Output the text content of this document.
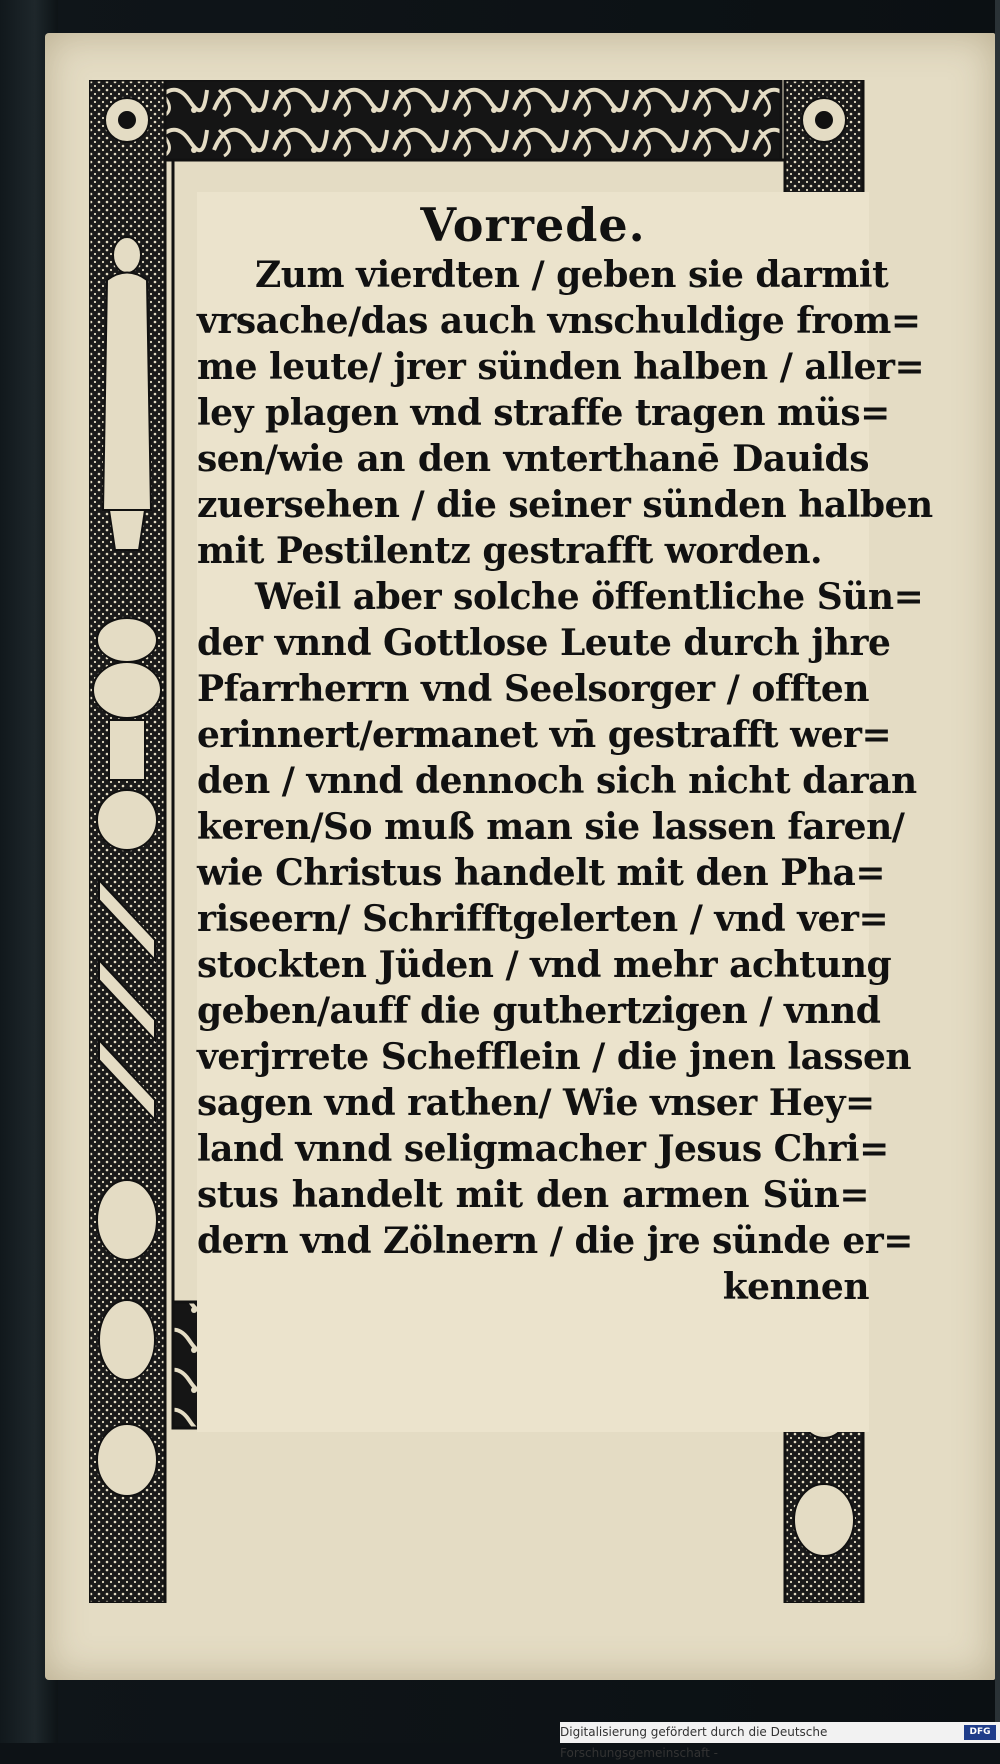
Vorrede.
Zum vierdten / geben sie darmit
vrsache/das auch vnschuldige from=
me leute/ jrer sünden halben / aller=
ley plagen vnd straffe tragen müs=
sen/wie an den vnterthanē Dauids
zuersehen / die seiner sünden halben
mit Pestilentz gestrafft worden.
Weil aber solche öffentliche Sün=
der vnnd Gottlose Leute durch jhre
Pfarrherrn vnd Seelsorger / offten
erinnert/ermanet vn̄ gestrafft wer=
den / vnnd dennoch sich nicht daran
keren/So muß man sie lassen faren/
wie Christus handelt mit den Pha=
riseern/ Schrifftgelerten / vnd ver=
stockten Jüden / vnd mehr achtung
geben/auff die guthertzigen / vnnd
verjrrete Schefflein / die jnen lassen
sagen vnd rathen/ Wie vnser Hey=
land vnnd seligmacher Jesus Chri=
stus handelt mit den armen Sün=
dern vnd Zölnern / die jre sünde er=
kennen
Digitalisierung gefördert durch die Deutsche Forschungsgemeinschaft -
DFG
